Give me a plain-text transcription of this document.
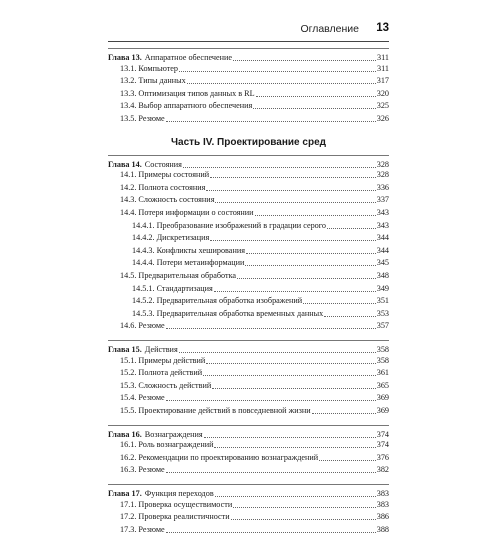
Оглавление 13
Глава 13. Аппаратное обеспечение	311
13.1. Компьютер	311
13.2. Типы данных	317
13.3. Оптимизация типов данных в RL	320
13.4. Выбор аппаратного обеспечения	325
13.5. Резюме	326
Часть IV. Проектирование сред
Глава 14. Состояния	328
14.1. Примеры состояний	328
14.2. Полнота состояния	336
14.3. Сложность состояния	337
14.4. Потеря информации о состоянии	343
14.4.1. Преобразование изображений в градации серого	343
14.4.2. Дискретизация	344
14.4.3. Конфликты хеширования	344
14.4.4. Потери метаинформации	345
14.5. Предварительная обработка	348
14.5.1. Стандартизация	349
14.5.2. Предварительная обработка изображений	351
14.5.3. Предварительная обработка временных данных	353
14.6. Резюме	357
Глава 15. Действия	358
15.1. Примеры действий	358
15.2. Полнота действий	361
15.3. Сложность действий	365
15.4. Резюме	369
15.5. Проектирование действий в повседневной жизни	369
Глава 16. Вознаграждения	374
16.1. Роль вознаграждений	374
16.2. Рекомендации по проектированию вознаграждений	376
16.3. Резюме	382
Глава 17. Функция переходов	383
17.1. Проверка осуществимости	383
17.2. Проверка реалистичности	386
17.3. Резюме	388
